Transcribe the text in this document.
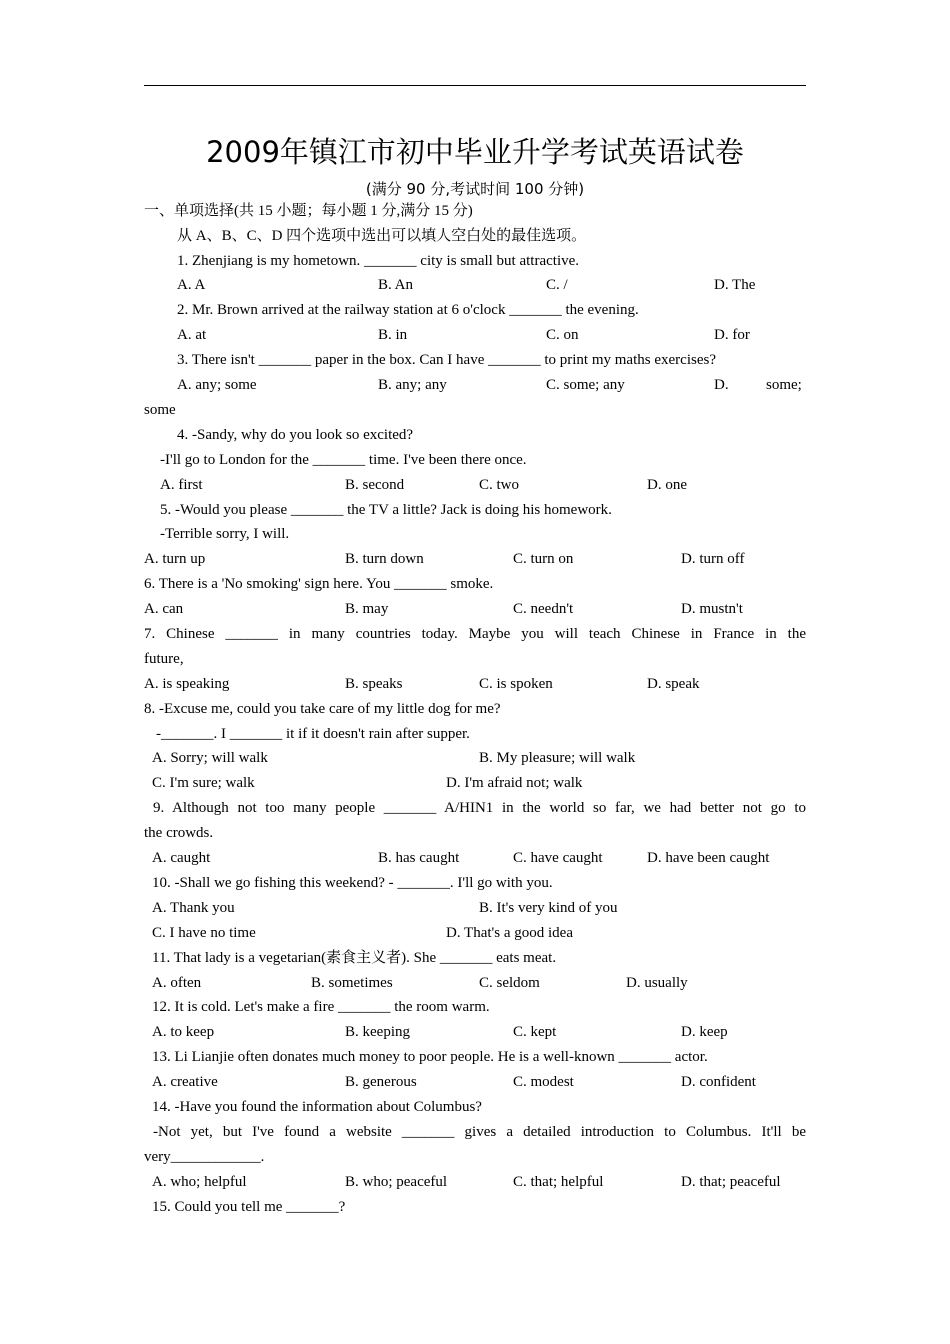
2009年镇江市初中毕业升学考试英语试卷
(满分 90 分,考试时间 100 分钟)
一、单项选择(共 15 小题；每小题 1 分,满分 15 分)
从 A、B、C、D 四个选项中选出可以填人空白处的最佳选项。
1. Zhenjiang is my hometown. _______ city is small but attractive.
A. A	B. An	C. /	D. The
2. Mr. Brown arrived at the railway station at 6 o'clock _______ the evening.
A. at	B. in	C. on	D. for
3. There isn't _______ paper in the box. Can I have _______ to print my maths exercises?
A. any; some	B. any; any	C. some; any	D. some;
some
4. -Sandy, why do you look so excited?
-I'll go to London for the _______ time. I've been there once.
A. first	B. second	C. two	D. one
5. -Would you please _______ the TV a little? Jack is doing his homework.
-Terrible sorry, I will.
A. turn up	B. turn down	C. turn on	D. turn off
6. There is a 'No smoking' sign here. You _______ smoke.
A. can	B. may	C. needn't	D. mustn't
7. Chinese _______ in many countries today. Maybe you will teach Chinese in France in the
future,
A. is speaking	B. speaks	C. is spoken	D. speak
8. -Excuse me, could you take care of my little dog for me?
-_______. I _______ it if it doesn't rain after supper.
A. Sorry; will walk	B. My pleasure; will walk
C. I'm sure; walk	D. I'm afraid not; walk
9. Although not too many people _______ A/HIN1 in the world so far, we had better not go to
the crowds.
A. caught	B. has caught	C. have caught	D. have been caught
10. -Shall we go fishing this weekend? - _______. I'll go with you.
A. Thank you	B. It's very kind of you
C. I have no time	D. That's a good idea
11. That lady is a vegetarian(素食主义者). She _______ eats meat.
A. often	B. sometimes	C. seldom	D. usually
12. It is cold. Let's make a fire _______ the room warm.
A. to keep	B. keeping	C. kept	D. keep
13. Li Lianjie often donates much money to poor people. He is a well-known _______ actor.
A. creative	B. generous	C. modest	D. confident
14. -Have you found the information about Columbus?
-Not yet, but I've found a website _______ gives a detailed introduction to Columbus. It'll be
very____________.
A. who; helpful	B. who; peaceful	C. that; helpful	D. that; peaceful
15. Could you tell me _______?
